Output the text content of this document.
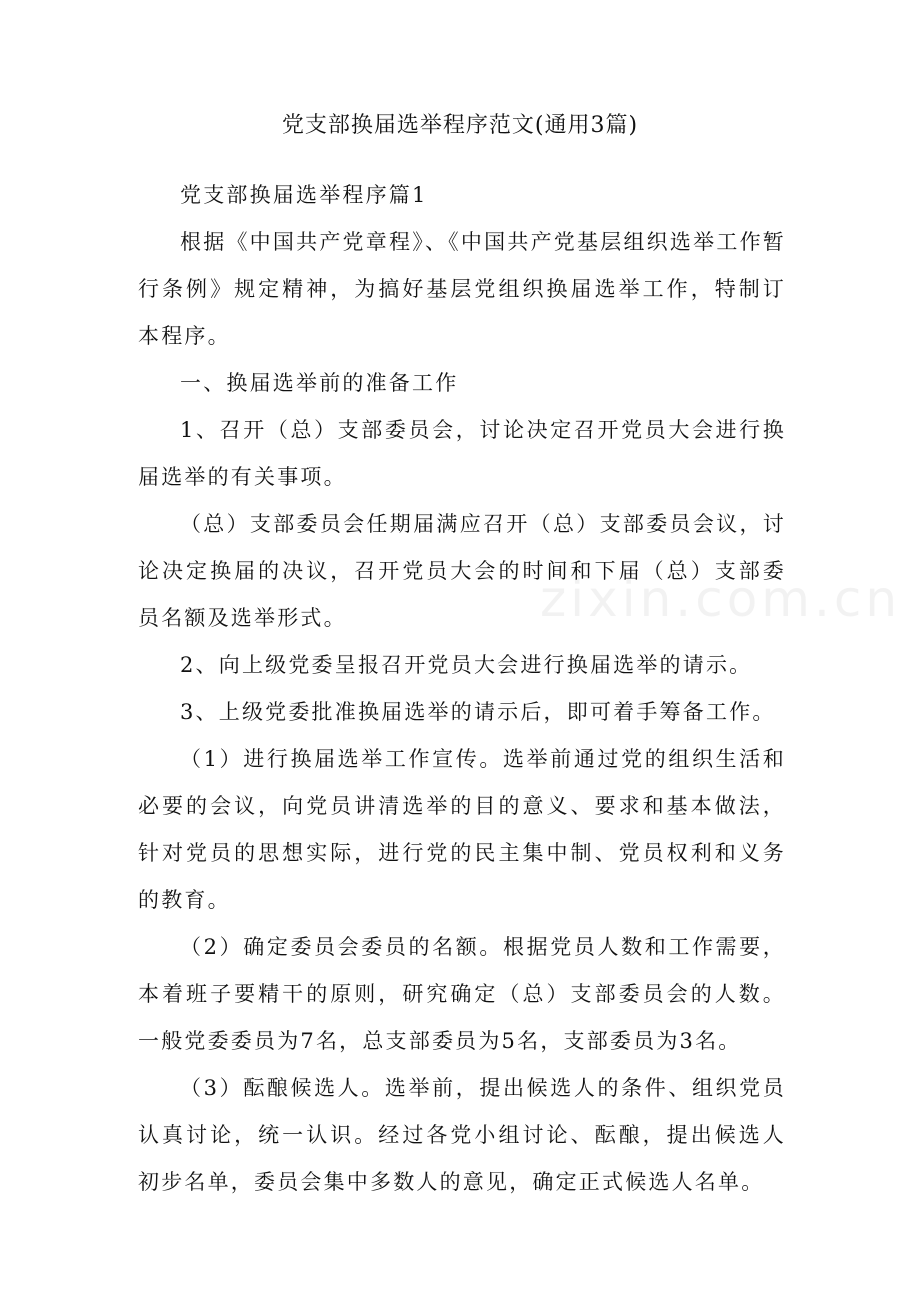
zixin.com.cn
党支部换届选举程序范文(通用3篇)

党支部换届选举程序篇1

根据《中国共产党章程》、《中国共产党基层组织选举工作暂行条例》规定精神，为搞好基层党组织换届选举工作，特制订本程序。

一、换届选举前的准备工作

1、召开（总）支部委员会，讨论决定召开党员大会进行换届选举的有关事项。

（总）支部委员会任期届满应召开（总）支部委员会议，讨论决定换届的决议，召开党员大会的时间和下届（总）支部委员名额及选举形式。

2、向上级党委呈报召开党员大会进行换届选举的请示。

3、上级党委批准换届选举的请示后，即可着手筹备工作。

（1）进行换届选举工作宣传。选举前通过党的组织生活和必要的会议，向党员讲清选举的目的意义、要求和基本做法，针对党员的思想实际，进行党的民主集中制、党员权利和义务的教育。

（2）确定委员会委员的名额。根据党员人数和工作需要，本着班子要精干的原则，研究确定（总）支部委员会的人数。一般党委委员为7名，总支部委员为5名，支部委员为3名。

（3）酝酿候选人。选举前，提出候选人的条件、组织党员认真讨论，统一认识。经过各党小组讨论、酝酿，提出候选人初步名单，委员会集中多数人的意见，确定正式候选人名单。
